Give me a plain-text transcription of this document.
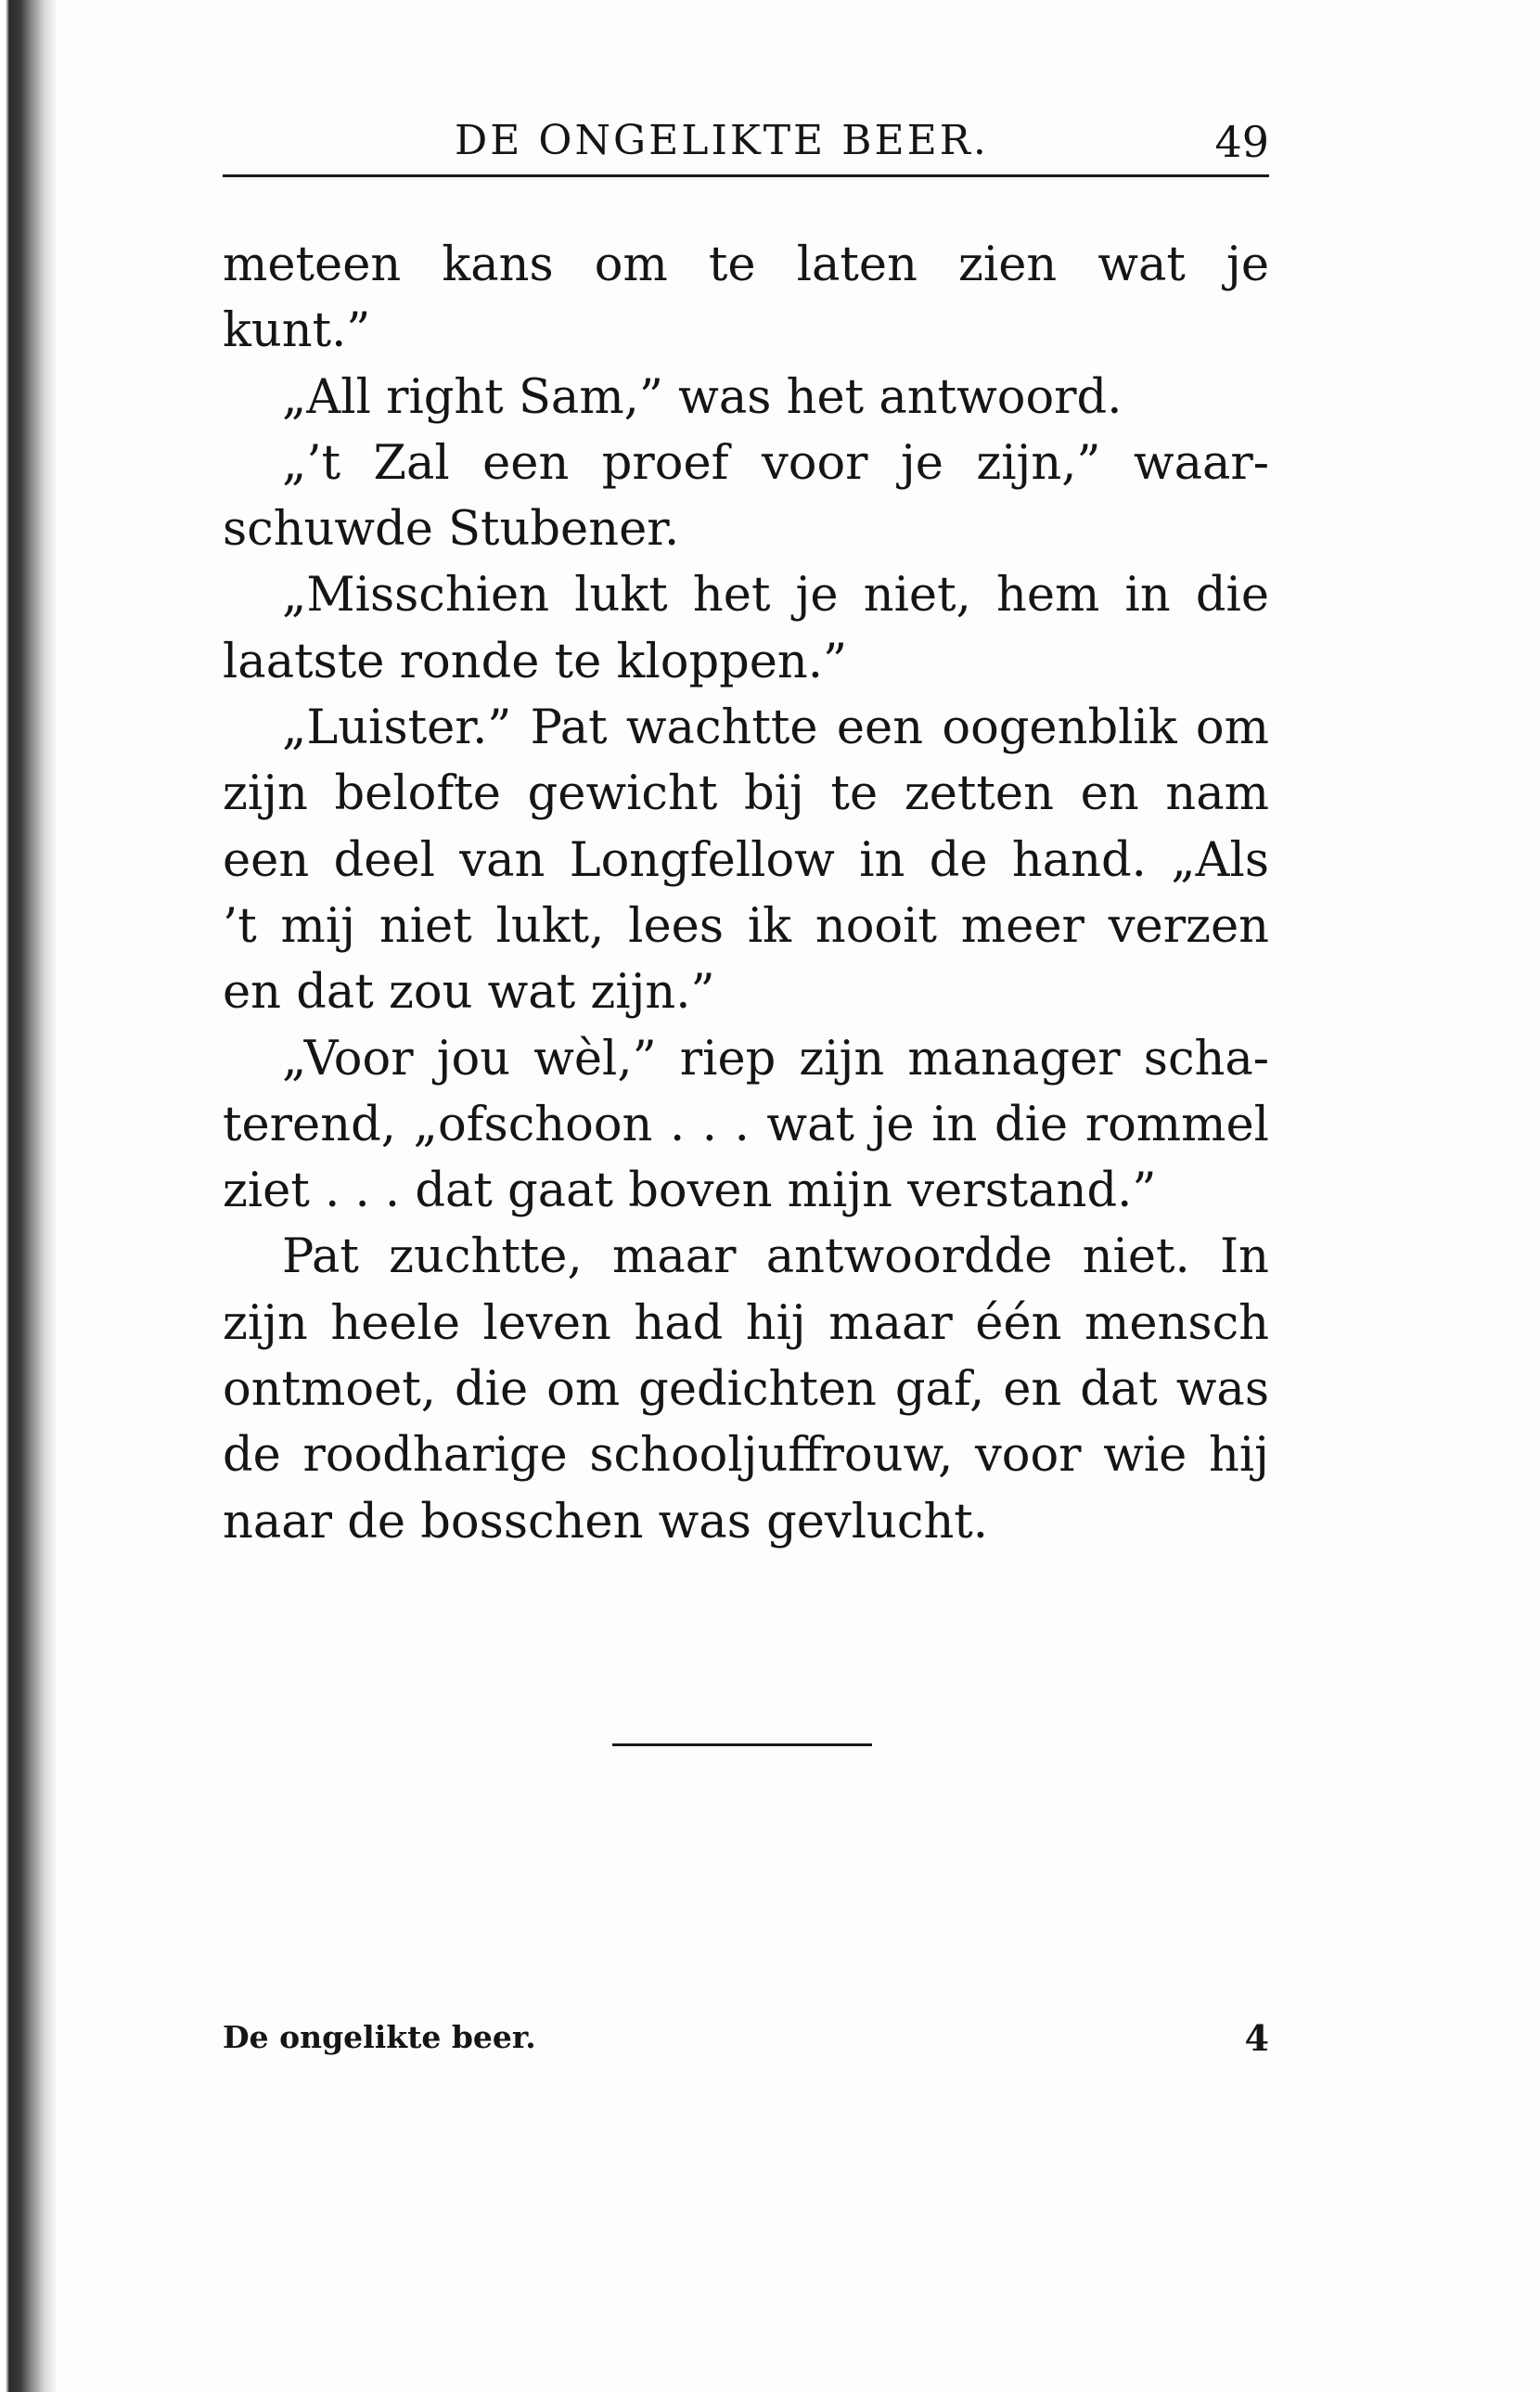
DE ONGELIKTE BEER.	49
meteen kans om te laten zien wat je
kunt.”
„All right Sam,” was het antwoord.
„’t Zal een proef voor je zijn,” waar-
schuwde Stubener.
„Misschien lukt het je niet, hem in die
laatste ronde te kloppen.”
„Luister.” Pat wachtte een oogenblik om
zijn belofte gewicht bij te zetten en nam
een deel van Longfellow in de hand. „Als
’t mij niet lukt, lees ik nooit meer verzen
en dat zou wat zijn.”
„Voor jou wèl,” riep zijn manager scha-
terend, „ofschoon . . . wat je in die rommel
ziet . . . dat gaat boven mijn verstand.”
Pat zuchtte, maar antwoordde niet. In
zijn heele leven had hij maar één mensch
ontmoet, die om gedichten gaf, en dat was
de roodharige schooljuffrouw, voor wie hij
naar de bosschen was gevlucht.
De ongelikte beer.	4
